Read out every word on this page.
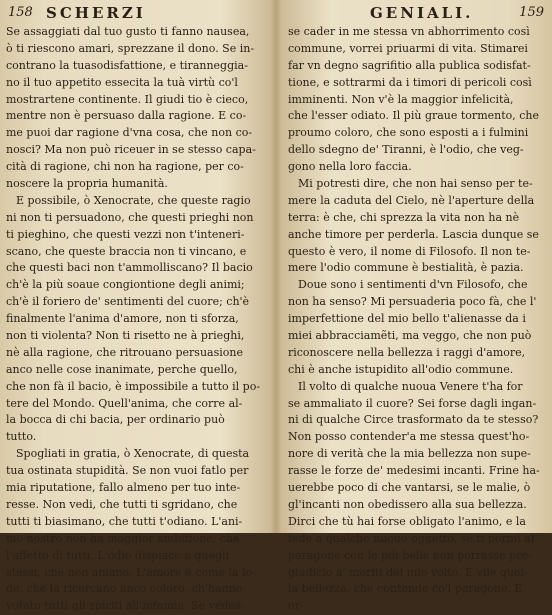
158 SCHERZI
Se assaggiati dal tuo gusto ti fanno nausea,
ò ti riescono amari, sprezzane il dono. Se in-
contrano la tuasodisfattione, e tiranneggia-
no il tuo appetito essecita la tuà virtù co'l
mostrartene continente. Il giudi tio è cieco,
mentre non è persuaso dalla ragione. E co-
me puoi dar ragione d'vna cosa, che non co-
nosci? Ma non può riceuer in se stesso capa-
cità di ragione, chi non ha ragione, per co-
noscere la propria humanità.
E possibile, ò Xenocrate, che queste ragio
ni non ti persuadono, che questi prieghi non
ti pieghino, che questi vezzi non t'inteneri-
scano, che queste braccia non ti vincano, e
che questi baci non t'ammolliscano? Il bacio
ch'è la più soaue congiontione degli animi;
ch'è il foriero de' sentimenti del cuore; ch'è
finalmente l'anima d'amore, non ti sforza,
non ti violenta? Non ti risetto ne à prieghi,
nè alla ragione, che ritrouano persuasione
anco nelle cose inanimate, perche quello,
che non fà il bacio, è impossibile a tutto il po-
tere del Mondo. Quell'anima, che corre al-
la bocca di chi bacia, per ordinario può
tutto.
Spogliati in gratia, ò Xenocrate, di questa
tua ostinata stupidità. Se non vuoi fatlo per
mia riputatione, fallo almeno per tuo inte-
resse. Non vedi, che tutti ti sgridano, che
tutti ti biasimano, che tutti t'odiano. L'ani-
mo nostro non ha maggior ambitione, che
l'affetto di tutti. L'odio dispiace a quegli
stessi, che non amano. L'amore è come la lo-
de, che la ricercano anco coloro, ch'hanno
votato tutti gli spiriti all'infamia. Se vedes-
GENIALI.	159
se cader in me stessa vn abhorrimento così
commune, vorrei priuarmi di vita. Stimarei
far vn degno sagrifitio alla publica sodisfat-
tione, e sottrarmi da i timori di pericoli così
imminenti. Non v'è la maggior infelicità,
che l'esser odiato. Il più graue tormento, che
proumo coloro, che sono esposti a i fulmini
dello sdegno de' Tiranni, è l'odio, che veg-
gono nella loro faccia.
Mi potresti dire, che non hai senso per te-
mere la caduta del Cielo, nè l'aperture della
terra: è che, chi sprezza la vita non ha nè
anche timore per perderla. Lascia dunque se
questo è vero, il nome di Filosofo. Il non te-
mere l'odio commune è bestialità, è pazia.
Doue sono i sentimenti d'vn Filosofo, che
non ha senso? Mi persuaderia poco fà, che l'
imperfettione del mio bello t'alienasse da i
miei abbracciamẽti, ma veggo, che non può
riconoscere nella bellezza i raggi d'amore,
chi è anche istupidito all'odio commune.
Il volto di qualche nuoua Venere t'ha for
se ammaliato il cuore? Sei forse dagli ingan-
ni di qualche Circe trasformato da te stesso?
Non posso contender'a me stessa quest'ho-
nore di verità che la mia bellezza non supe-
rasse le forze de' medesimi incanti. Frine ha-
uerebbe poco di che vantarsi, se le malie, ò
gl'incanti non obedissero alla sua bellezza.
Dirci che tù hai forse obligato l'animo, e la
fede a qualche nuouo oggetto, se ti pormi al
paragone con le più belle non porrasse pre-
giudicio a' meriti del mio volto. E vile quel-
la bellezza, che contende co'l paragone. E
or-
